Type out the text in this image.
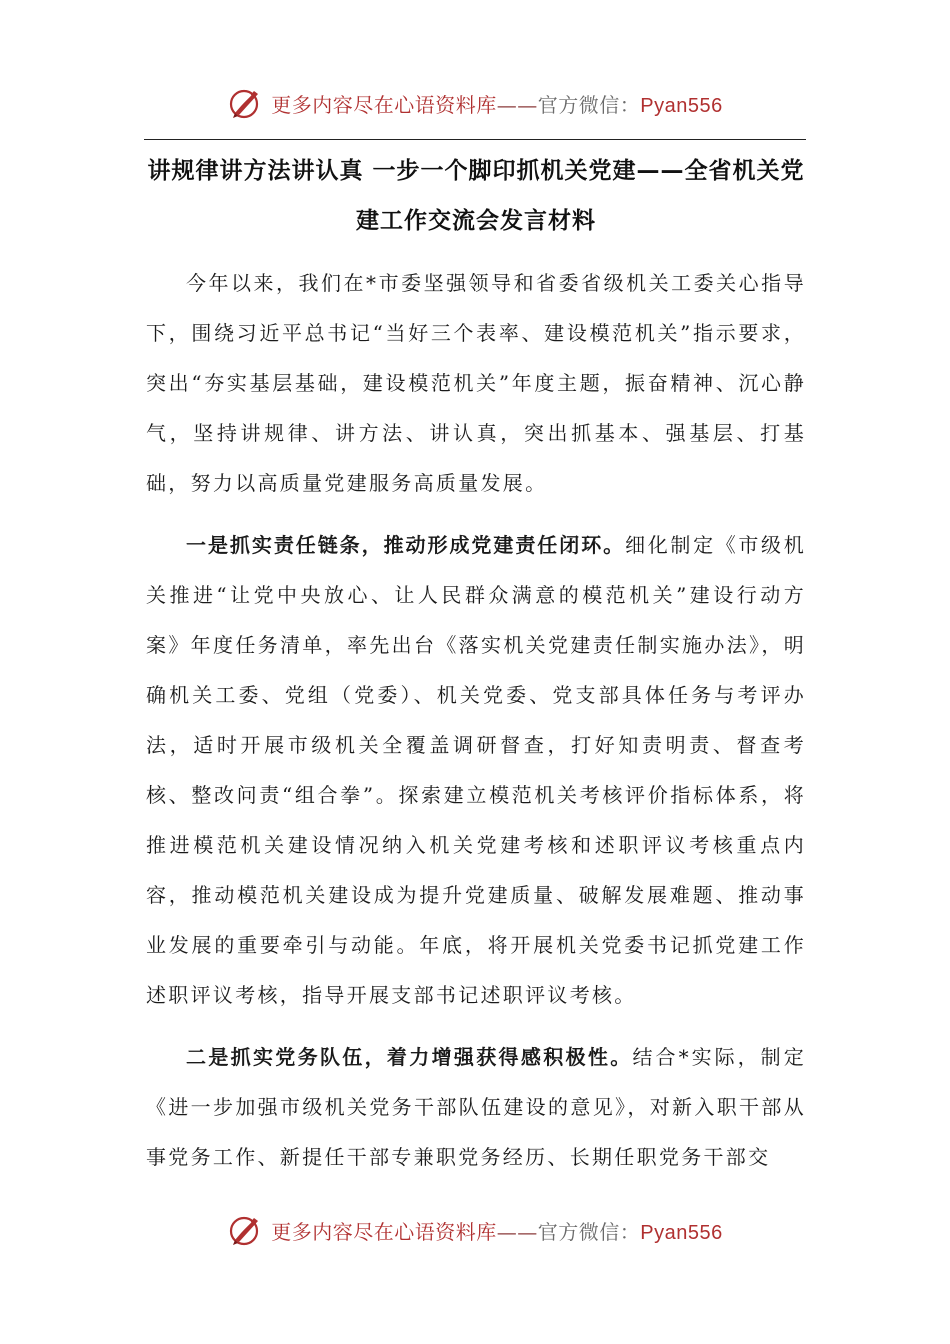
更多内容尽在心语资料库——官方微信：Pyan556
讲规律讲方法讲认真 一步一个脚印抓机关党建——全省机关党建工作交流会发言材料

今年以来，我们在*市委坚强领导和省委省级机关工委关心指导下，围绕习近平总书记“当好三个表率、建设模范机关”指示要求，突出“夯实基层基础，建设模范机关”年度主题，振奋精神、沉心静气，坚持讲规律、讲方法、讲认真，突出抓基本、强基层、打基础，努力以高质量党建服务高质量发展。

一是抓实责任链条，推动形成党建责任闭环。细化制定《市级机关推进“让党中央放心、让人民群众满意的模范机关”建设行动方案》年度任务清单，率先出台《落实机关党建责任制实施办法》，明确机关工委、党组（党委）、机关党委、党支部具体任务与考评办法，适时开展市级机关全覆盖调研督查，打好知责明责、督查考核、整改问责“组合拳”。探索建立模范机关考核评价指标体系，将推进模范机关建设情况纳入机关党建考核和述职评议考核重点内容，推动模范机关建设成为提升党建质量、破解发展难题、推动事业发展的重要牵引与动能。年底，将开展机关党委书记抓党建工作述职评议考核，指导开展支部书记述职评议考核。

二是抓实党务队伍，着力增强获得感积极性。结合*实际，制定《进一步加强市级机关党务干部队伍建设的意见》，对新入职干部从事党务工作、新提任干部专兼职党务经历、长期任职党务干部交

更多内容尽在心语资料库——官方微信：Pyan556
